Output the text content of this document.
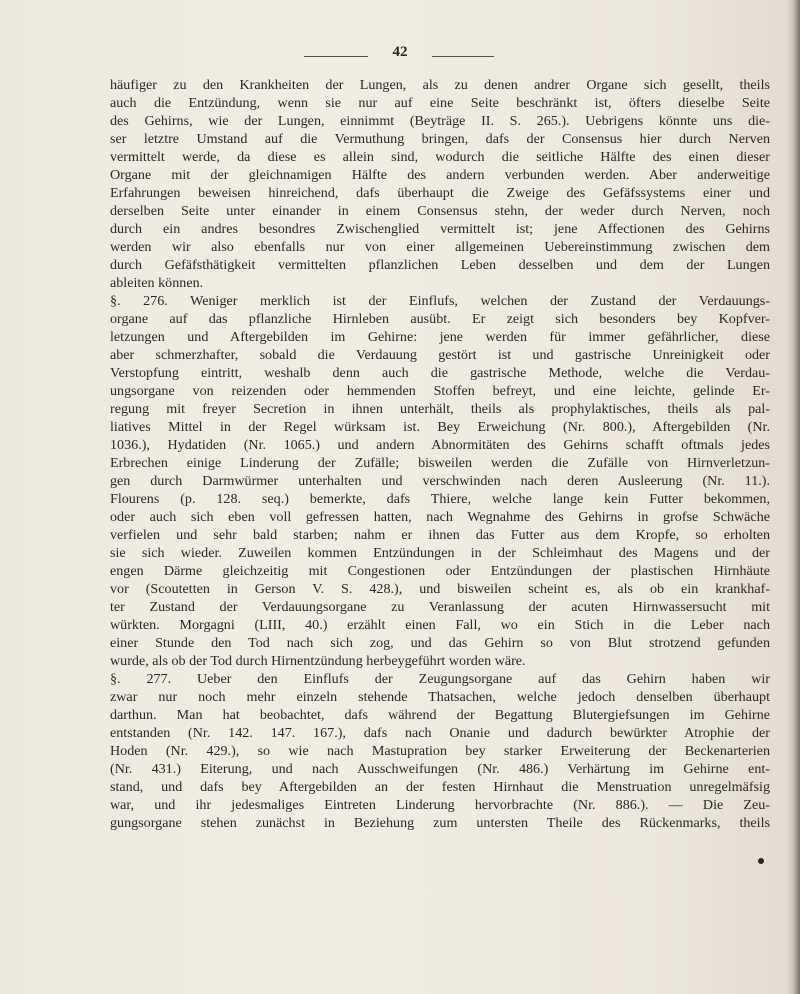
42
häufiger zu den Krankheiten der Lungen, als zu denen andrer Organe sich gesellt, theils
auch die Entzündung, wenn sie nur auf eine Seite beschränkt ist, öfters dieselbe Seite
des Gehirns, wie der Lungen, einnimmt (Beyträge II. S. 265.). Uebrigens könnte uns die-
ser letztre Umstand auf die Vermuthung bringen, dafs der Consensus hier durch Nerven
vermittelt werde, da diese es allein sind, wodurch die seitliche Hälfte des einen dieser
Organe mit der gleichnamigen Hälfte des andern verbunden werden. Aber anderweitige
Erfahrungen beweisen hinreichend, dafs überhaupt die Zweige des Gefäfssystems einer und
derselben Seite unter einander in einem Consensus stehn, der weder durch Nerven, noch
durch ein andres besondres Zwischenglied vermittelt ist; jene Affectionen des Gehirns
werden wir also ebenfalls nur von einer allgemeinen Uebereinstimmung zwischen dem
durch Gefäfsthätigkeit vermittelten pflanzlichen Leben desselben und dem der Lungen
ableiten können.
§. 276. Weniger merklich ist der Einflufs, welchen der Zustand der Verdauungs-
organe auf das pflanzliche Hirnleben ausübt. Er zeigt sich besonders bey Kopfver-
letzungen und Aftergebilden im Gehirne: jene werden für immer gefährlicher, diese
aber schmerzhafter, sobald die Verdauung gestört ist und gastrische Unreinigkeit oder
Verstopfung eintritt, weshalb denn auch die gastrische Methode, welche die Verdau-
ungsorgane von reizenden oder hemmenden Stoffen befreyt, und eine leichte, gelinde Er-
regung mit freyer Secretion in ihnen unterhält, theils als prophylaktisches, theils als pal-
liatives Mittel in der Regel würksam ist. Bey Erweichung (Nr. 800.), Aftergebilden (Nr.
1036.), Hydatiden (Nr. 1065.) und andern Abnormitäten des Gehirns schafft oftmals jedes
Erbrechen einige Linderung der Zufälle; bisweilen werden die Zufälle von Hirnverletzun-
gen durch Darmwürmer unterhalten und verschwinden nach deren Ausleerung (Nr. 11.).
Flourens (p. 128. seq.) bemerkte, dafs Thiere, welche lange kein Futter bekommen,
oder auch sich eben voll gefressen hatten, nach Wegnahme des Gehirns in grofse Schwäche
verfielen und sehr bald starben; nahm er ihnen das Futter aus dem Kropfe, so erholten
sie sich wieder. Zuweilen kommen Entzündungen in der Schleimhaut des Magens und der
engen Därme gleichzeitig mit Congestionen oder Entzündungen der plastischen Hirnhäute
vor (Scoutetten in Gerson V. S. 428.), und bisweilen scheint es, als ob ein krankhaf-
ter Zustand der Verdauungsorgane zu Veranlassung der acuten Hirnwassersucht mit
würkten. Morgagni (LIII, 40.) erzählt einen Fall, wo ein Stich in die Leber nach
einer Stunde den Tod nach sich zog, und das Gehirn so von Blut strotzend gefunden
wurde, als ob der Tod durch Hirnentzündung herbeygeführt worden wäre.
§. 277. Ueber den Einflufs der Zeugungsorgane auf das Gehirn haben wir
zwar nur noch mehr einzeln stehende Thatsachen, welche jedoch denselben überhaupt
darthun. Man hat beobachtet, dafs während der Begattung Blutergiefsungen im Gehirne
entstanden (Nr. 142. 147. 167.), dafs nach Onanie und dadurch bewürkter Atrophie der
Hoden (Nr. 429.), so wie nach Mastupration bey starker Erweiterung der Beckenarterien
(Nr. 431.) Eiterung, und nach Ausschweifungen (Nr. 486.) Verhärtung im Gehirne ent-
stand, und dafs bey Aftergebilden an der festen Hirnhaut die Menstruation unregelmäfsig
war, und ihr jedesmaliges Eintreten Linderung hervorbrachte (Nr. 886.). — Die Zeu-
gungsorgane stehen zunächst in Beziehung zum untersten Theile des Rückenmarks, theils
